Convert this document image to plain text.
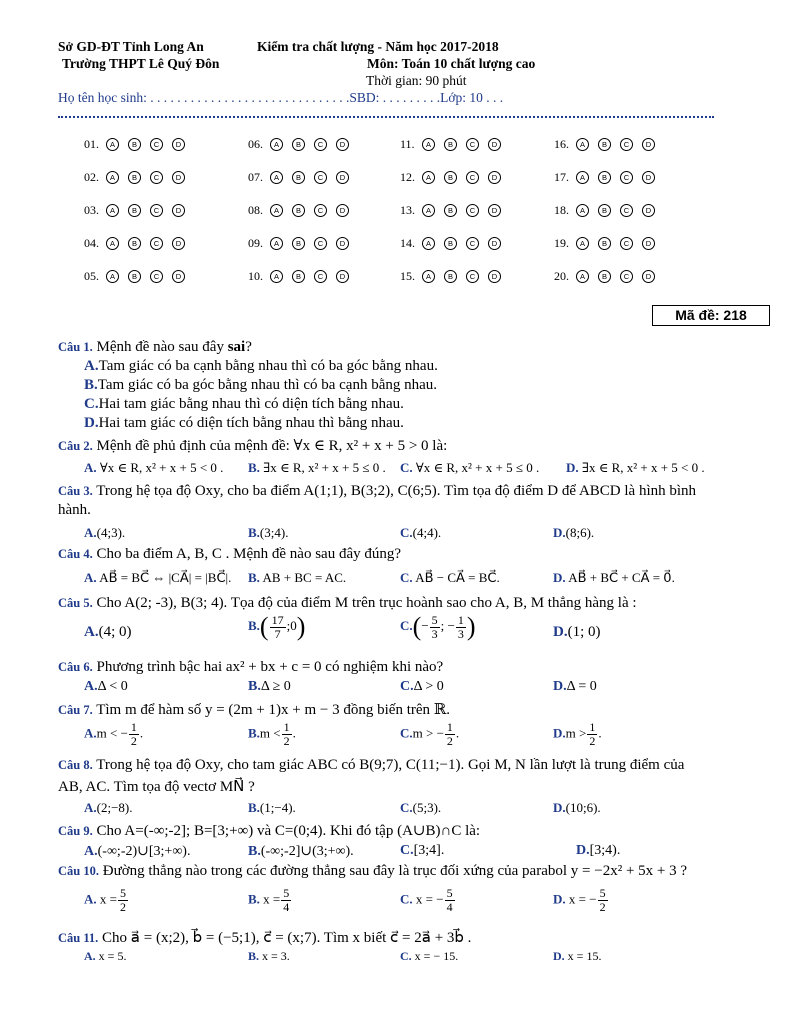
Sở GD-ĐT Tỉnh Long An	Kiểm tra chất lượng - Năm học 2017-2018
Trường THPT Lê Quý Đôn	Môn: Toán 10 chất lượng cao
Thời gian: 90 phút
Họ tên học sinh: . . . . . . . . . . . . . . . . . . . . . . . . . . . . . .SBD: . . . . . . . . .Lớp: 10 . . .
01.	A	B	C	D	06.	A	B	C	D	11.	A	B	C	D	16.	A	B	C	D
02.	A	B	C	D	07.	A	B	C	D	12.	A	B	C	D	17.	A	B	C	D
03.	A	B	C	D	08.	A	B	C	D	13.	A	B	C	D	18.	A	B	C	D
04.	A	B	C	D	09.	A	B	C	D	14.	A	B	C	D	19.	A	B	C	D
05.	A	B	C	D	10.	A	B	C	D	15.	A	B	C	D	20.	A	B	C	D
Mã đề: 218
Câu 1. Mệnh đề nào sau đây sai?
A.Tam giác có ba cạnh bằng nhau thì có ba góc bằng nhau.
B.Tam giác có ba góc bằng nhau thì có ba cạnh bằng nhau.
C.Hai tam giác bằng nhau thì có diện tích bằng nhau.
D.Hai tam giác có diện tích bằng nhau thì bằng nhau.
Câu 2. Mệnh đề phủ định của mệnh đề: ∀x ∈ R, x² + x + 5 > 0 là:
A. ∀x ∈ R, x² + x + 5 < 0 . B. ∃x ∈ R, x² + x + 5 ≤ 0 . C. ∀x ∈ R, x² + x + 5 ≤ 0 . D. ∃x ∈ R, x² + x + 5 < 0 .
Câu 3. Trong hệ tọa độ Oxy, cho ba điểm A(1;1), B(3;2), C(6;5). Tìm tọa độ điểm D để ABCD là hình bình
hành.
A.(4;3).	B.(3;4).	C.(4;4).	D.(8;6).
Câu 4. Cho ba điểm A, B, C . Mệnh đề nào sau đây đúng?
A. AB⃗ = BC⃗ ⇔ |CA⃗| = |BC⃗|. B. AB + BC = AC.	C. AB⃗ − CA⃗ = BC⃗.	D. AB⃗ + BC⃗ + CA⃗ = 0⃗.
Câu 5. Cho A(2; -3), B(3; 4). Tọa độ của điểm M trên trục hoành sao cho A, B, M thẳng hàng là :
A.(4; 0)	$B.( \frac{17}{7}$ ;0)	$C.(- \frac{5}{3}$ ; − $\frac{1}{3}$ )	D.(1; 0)
Câu 6. Phương trình bậc hai ax² + bx + c = 0 có nghiệm khi nào?
A.Δ < 0	B.Δ ≥ 0	C.Δ > 0	D.Δ = 0
Câu 7. Tìm m để hàm số y = (2m + 1)x + m − 3 đồng biến trên ℝ.
A.m < − $\frac{1}{2}$ .	$B.m < \frac{1}{2}$ .	C.m > − $\frac{1}{2}$ .	$D.m > \frac{1}{2}$ .
Câu 8. Trong hệ tọa độ Oxy, cho tam giác ABC có B(9;7), C(11;−1). Gọi M, N lần lượt là trung điểm của
AB, AC. Tìm tọa độ vectơ MN⃗ ?
A.(2;−8).	B.(1;−4).	C.(5;3).	D.(10;6).
Câu 9. Cho A=(-∞;-2]; B=[3;+∞) và C=(0;4). Khi đó tập (A∪B)∩C là:
A.(-∞;-2)∪[3;+∞).	B.(-∞;-2]∪(3;+∞).	C.[3;4].	D.[3;4).
Câu 10. Đường thẳng nào trong các đường thẳng sau đây là trục đối xứng của parabol y = −2x² + 5x + 3 ?
A. $x = \frac{5}{2}$	B. $x = \frac{5}{4}$	C. x = − $\frac{5}{4}$	D. x = − $\frac{5}{2}$
Câu 11. Cho a⃗ = (x;2), b⃗ = (−5;1), c⃗ = (x;7). Tìm x biết c⃗ = 2a⃗ + 3b⃗ .
A. x = 5.	B. x = 3.	C. x = − 15.	D. x = 15.
